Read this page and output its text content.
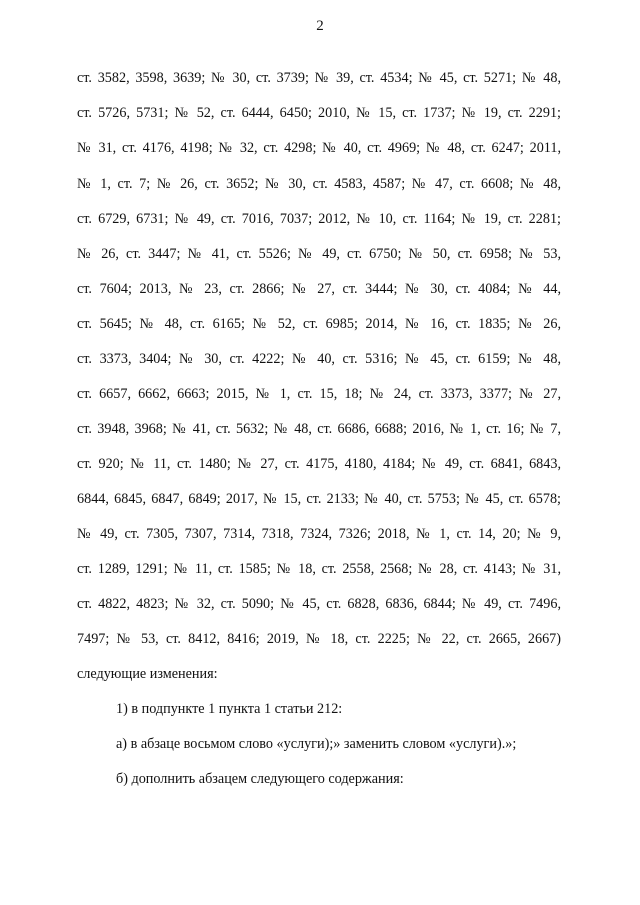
2
ст. 3582, 3598, 3639; № 30, ст. 3739; № 39, ст. 4534; № 45, ст. 5271; № 48,
ст. 5726, 5731; № 52, ст. 6444, 6450; 2010, № 15, ст. 1737; № 19, ст. 2291;
№ 31, ст. 4176, 4198; № 32, ст. 4298; № 40, ст. 4969; № 48, ст. 6247; 2011,
№ 1, ст. 7; № 26, ст. 3652; № 30, ст. 4583, 4587; № 47, ст. 6608; № 48,
ст. 6729, 6731; № 49, ст. 7016, 7037; 2012, № 10, ст. 1164; № 19, ст. 2281;
№ 26, ст. 3447; № 41, ст. 5526; № 49, ст. 6750; № 50, ст. 6958; № 53,
ст. 7604; 2013, № 23, ст. 2866; № 27, ст. 3444; № 30, ст. 4084; № 44,
ст. 5645; № 48, ст. 6165; № 52, ст. 6985; 2014, № 16, ст. 1835; № 26,
ст. 3373, 3404; № 30, ст. 4222; № 40, ст. 5316; № 45, ст. 6159; № 48,
ст. 6657, 6662, 6663; 2015, № 1, ст. 15, 18; № 24, ст. 3373, 3377; № 27,
ст. 3948, 3968; № 41, ст. 5632; № 48, ст. 6686, 6688; 2016, № 1, ст. 16; № 7,
ст. 920; № 11, ст. 1480; № 27, ст. 4175, 4180, 4184; № 49, ст. 6841, 6843,
6844, 6845, 6847, 6849; 2017, № 15, ст. 2133; № 40, ст. 5753; № 45, ст. 6578;
№ 49, ст. 7305, 7307, 7314, 7318, 7324, 7326; 2018, № 1, ст. 14, 20; № 9,
ст. 1289, 1291; № 11, ст. 1585; № 18, ст. 2558, 2568; № 28, ст. 4143; № 31,
ст. 4822, 4823; № 32, ст. 5090; № 45, ст. 6828, 6836, 6844; № 49, ст. 7496,
7497; № 53, ст. 8412, 8416; 2019, № 18, ст. 2225; № 22, ст. 2665, 2667)
следующие изменения:
1) в подпункте 1 пункта 1 статьи 212:
а) в абзаце восьмом слово «услуги);» заменить словом «услуги).»;
б) дополнить абзацем следующего содержания:
